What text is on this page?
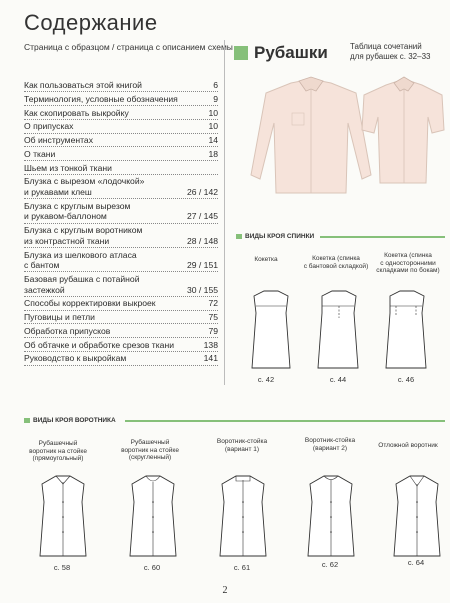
Содержание
Страница с образцом / страница с описанием схемы
Как пользоваться этой книгой	6
Терминология, условные обозначения	9
Как скопировать выкройку	10
О припусках	10
Об инструментах	14
О ткани	18
Шьем из тонкой ткани
Блузка с вырезом «лодочкой»
и рукавами клеш	26 / 142
Блузка с круглым вырезом
и рукавом-баллоном	27 / 145
Блузка с круглым воротником
из контрастной ткани	28 / 148
Блузка из шелкового атласа
с бантом	29 / 151
Базовая рубашка с потайной
застежкой	30 / 155
Способы корректировки выкроек	72
Пуговицы и петли	75
Обработка припусков	79
Об обтачке и обработке срезов ткани	138
Руководство к выкройкам	141
Рубашки	Таблица сочетаний
для рубашек с. 32–33
ВИДЫ КРОЯ СПИНКИ
Кокетка	Кокетка (спинка
с бантовой складкой)
Кокетка (спинка
с односторонними
складками по бокам)
с. 42	с. 44	с. 46
ВИДЫ КРОЯ ВОРОТНИКА
Рубашечный
воротник на стойке
(прямоугольный)
Рубашечный
воротник на стойке
(скругленный)
Воротник-стойка
(вариант 1)
Воротник-стойка
(вариант 2)	Отложной воротник
с. 58	с. 60	с. 61	с. 62	с. 64
2
